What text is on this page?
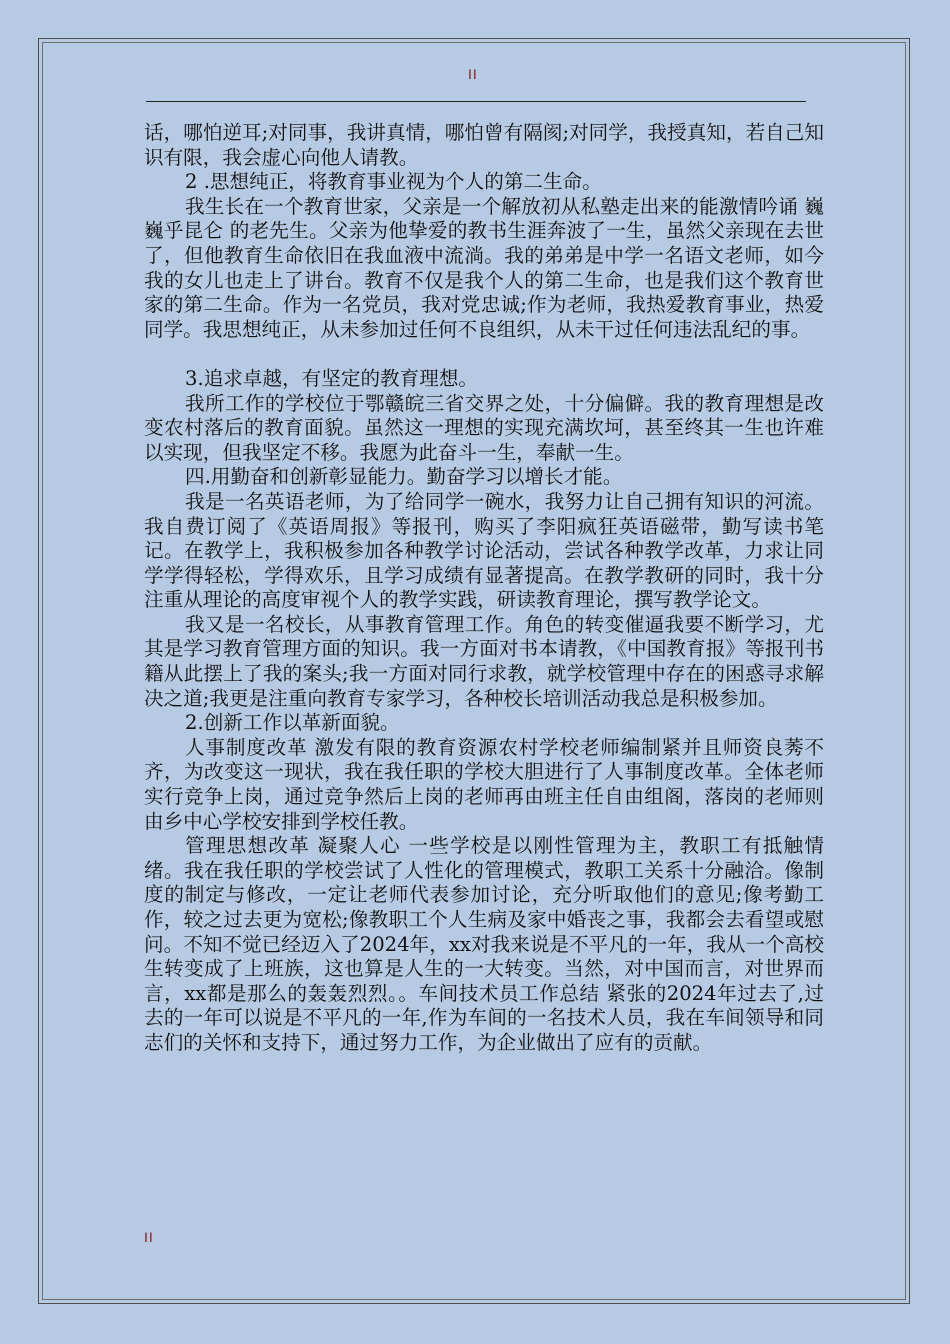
II

话，哪怕逆耳;对同事，我讲真情，哪怕曾有隔阂;对同学，我授真知，若自己知识有限，我会虚心向他人请教。

2 .思想纯正，将教育事业视为个人的第二生命。

我生长在一个教育世家，父亲是一个解放初从私塾走出来的能激情吟诵 巍巍乎昆仑 的老先生。父亲为他挚爱的教书生涯奔波了一生，虽然父亲现在去世了，但他教育生命依旧在我血液中流淌。我的弟弟是中学一名语文老师，如今我的女儿也走上了讲台。教育不仅是我个人的第二生命，也是我们这个教育世家的第二生命。作为一名党员，我对党忠诚;作为老师，我热爱教育事业，热爱同学。我思想纯正，从未参加过任何不良组织，从未干过任何违法乱纪的事。

3.追求卓越，有坚定的教育理想。

我所工作的学校位于鄂赣皖三省交界之处，十分偏僻。我的教育理想是改变农村落后的教育面貌。虽然这一理想的实现充满坎坷，甚至终其一生也许难以实现，但我坚定不移。我愿为此奋斗一生，奉献一生。

四.用勤奋和创新彰显能力。勤奋学习以增长才能。

我是一名英语老师，为了给同学一碗水，我努力让自己拥有知识的河流。我自费订阅了《英语周报》等报刊，购买了李阳疯狂英语磁带，勤写读书笔记。在教学上，我积极参加各种教学讨论活动，尝试各种教学改革，力求让同学学得轻松，学得欢乐，且学习成绩有显著提高。在教学教研的同时，我十分注重从理论的高度审视个人的教学实践，研读教育理论，撰写教学论文。

我又是一名校长，从事教育管理工作。角色的转变催逼我要不断学习，尤其是学习教育管理方面的知识。我一方面对书本请教，《中国教育报》等报刊书籍从此摆上了我的案头;我一方面对同行求教，就学校管理中存在的困惑寻求解决之道;我更是注重向教育专家学习，各种校长培训活动我总是积极参加。

2.创新工作以革新面貌。

人事制度改革 激发有限的教育资源农村学校老师编制紧并且师资良莠不齐，为改变这一现状，我在我任职的学校大胆进行了人事制度改革。全体老师实行竞争上岗，通过竞争然后上岗的老师再由班主任自由组阁，落岗的老师则由乡中心学校安排到学校任教。

管理思想改革 凝聚人心 一些学校是以刚性管理为主，教职工有抵触情绪。我在我任职的学校尝试了人性化的管理模式，教职工关系十分融洽。像制度的制定与修改，一定让老师代表参加讨论，充分听取他们的意见;像考勤工作，较之过去更为宽松;像教职工个人生病及家中婚丧之事，我都会去看望或慰问。不知不觉已经迈入了2024年，xx对我来说是不平凡的一年，我从一个高校生转变成了上班族，这也算是人生的一大转变。当然，对中国而言，对世界而言，xx都是那么的轰轰烈烈。。车间技术员工作总结 紧张的2024年过去了,过去的一年可以说是不平凡的一年,作为车间的一名技术人员，我在车间领导和同志们的关怀和支持下，通过努力工作，为企业做出了应有的贡献。

II
